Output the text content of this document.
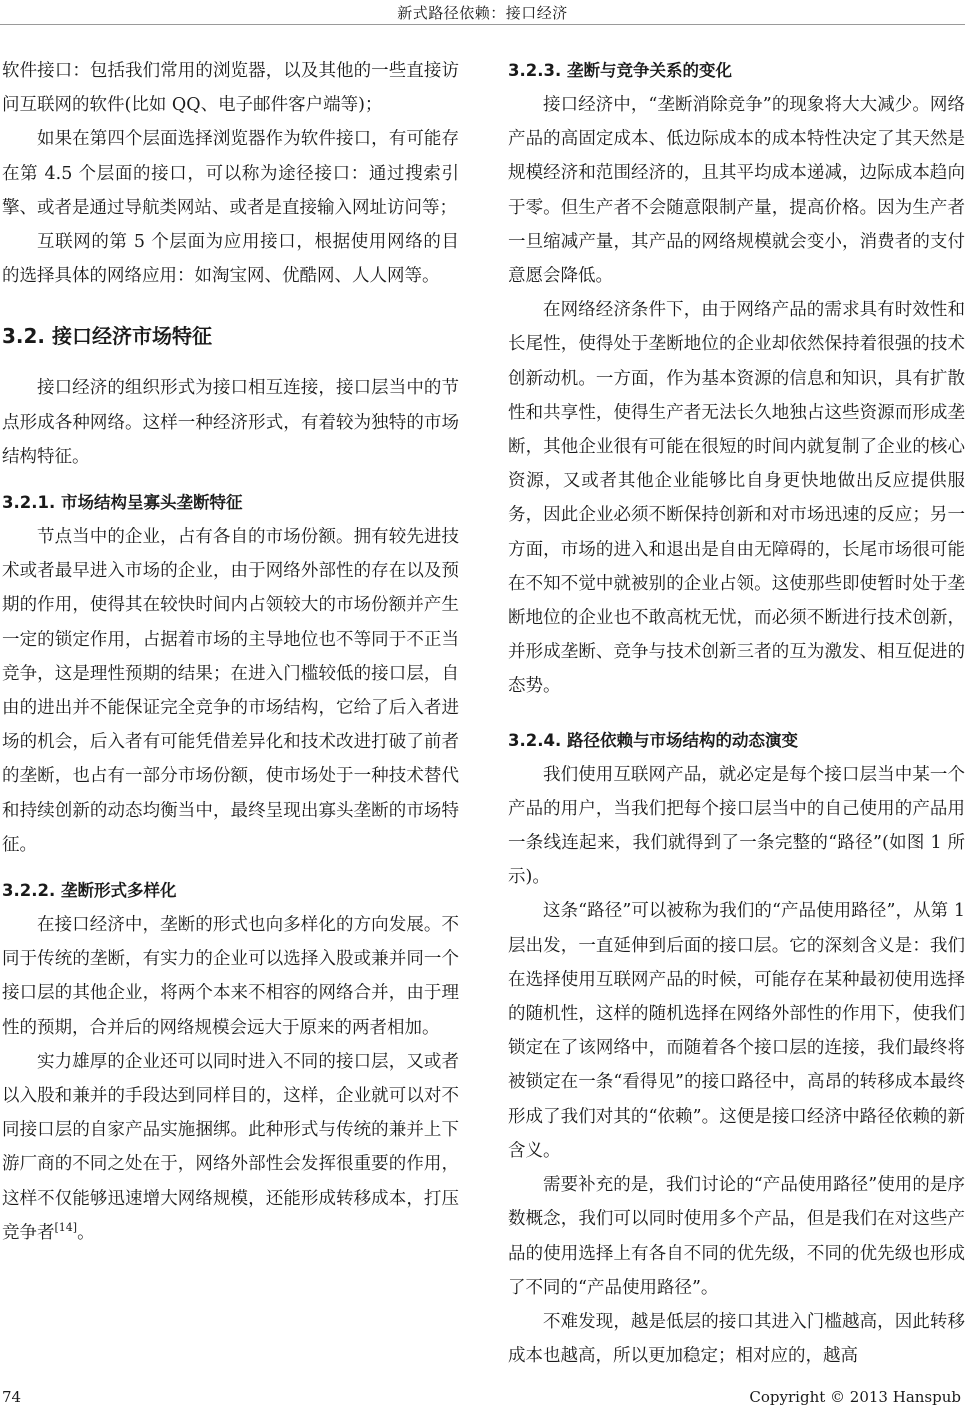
新式路径依赖：接口经济

软件接口：包括我们常用的浏览器，以及其他的一些直接访问互联网的软件(比如 QQ、电子邮件客户端等)；

如果在第四个层面选择浏览器作为软件接口，有可能存在第 4.5 个层面的接口，可以称为途径接口：通过搜索引擎、或者是通过导航类网站、或者是直接输入网址访问等；

互联网的第 5 个层面为应用接口，根据使用网络的目的选择具体的网络应用：如淘宝网、优酷网、人人网等。

3.2. 接口经济市场特征

接口经济的组织形式为接口相互连接，接口层当中的节点形成各种网络。这样一种经济形式，有着较为独特的市场结构特征。

3.2.1. 市场结构呈寡头垄断特征

节点当中的企业，占有各自的市场份额。拥有较先进技术或者最早进入市场的企业，由于网络外部性的存在以及预期的作用，使得其在较快时间内占领较大的市场份额并产生一定的锁定作用，占据着市场的主导地位也不等同于不正当竞争，这是理性预期的结果；在进入门槛较低的接口层，自由的进出并不能保证完全竞争的市场结构，它给了后入者进场的机会，后入者有可能凭借差异化和技术改进打破了前者的垄断，也占有一部分市场份额，使市场处于一种技术替代和持续创新的动态均衡当中，最终呈现出寡头垄断的市场特征。

3.2.2. 垄断形式多样化

在接口经济中，垄断的形式也向多样化的方向发展。不同于传统的垄断，有实力的企业可以选择入股或兼并同一个接口层的其他企业，将两个本来不相容的网络合并，由于理性的预期，合并后的网络规模会远大于原来的两者相加。

实力雄厚的企业还可以同时进入不同的接口层，又或者以入股和兼并的手段达到同样目的，这样，企业就可以对不同接口层的自家产品实施捆绑。此种形式与传统的兼并上下游厂商的不同之处在于，网络外部性会发挥很重要的作用，这样不仅能够迅速增大网络规模，还能形成转移成本，打压竞争者[14]。

3.2.3. 垄断与竞争关系的变化

接口经济中，“垄断消除竞争”的现象将大大减少。网络产品的高固定成本、低边际成本的成本特性决定了其天然是规模经济和范围经济的，且其平均成本递减，边际成本趋向于零。但生产者不会随意限制产量，提高价格。因为生产者一旦缩减产量，其产品的网络规模就会变小，消费者的支付意愿会降低。

在网络经济条件下，由于网络产品的需求具有时效性和长尾性，使得处于垄断地位的企业却依然保持着很强的技术创新动机。一方面，作为基本资源的信息和知识，具有扩散性和共享性，使得生产者无法长久地独占这些资源而形成垄断，其他企业很有可能在很短的时间内就复制了企业的核心资源，又或者其他企业能够比自身更快地做出反应提供服务，因此企业必须不断保持创新和对市场迅速的反应；另一方面，市场的进入和退出是自由无障碍的，长尾市场很可能在不知不觉中就被别的企业占领。这使那些即使暂时处于垄断地位的企业也不敢高枕无忧，而必须不断进行技术创新，并形成垄断、竞争与技术创新三者的互为激发、相互促进的态势。

3.2.4. 路径依赖与市场结构的动态演变

我们使用互联网产品，就必定是每个接口层当中某一个产品的用户，当我们把每个接口层当中的自己使用的产品用一条线连起来，我们就得到了一条完整的“路径”(如图 1 所示)。

这条“路径”可以被称为我们的“产品使用路径”，从第 1 层出发，一直延伸到后面的接口层。它的深刻含义是：我们在选择使用互联网产品的时候，可能存在某种最初使用选择的随机性，这样的随机选择在网络外部性的作用下，使我们锁定在了该网络中，而随着各个接口层的连接，我们最终将被锁定在一条“看得见”的接口路径中，高昂的转移成本最终形成了我们对其的“依赖”。这便是接口经济中路径依赖的新含义。

需要补充的是，我们讨论的“产品使用路径”使用的是序数概念，我们可以同时使用多个产品，但是我们在对这些产品的使用选择上有各自不同的优先级，不同的优先级也形成了不同的“产品使用路径”。

不难发现，越是低层的接口其进入门槛越高，因此转移成本也越高，所以更加稳定；相对应的，越高

74	Copyright © 2013 Hanspub
